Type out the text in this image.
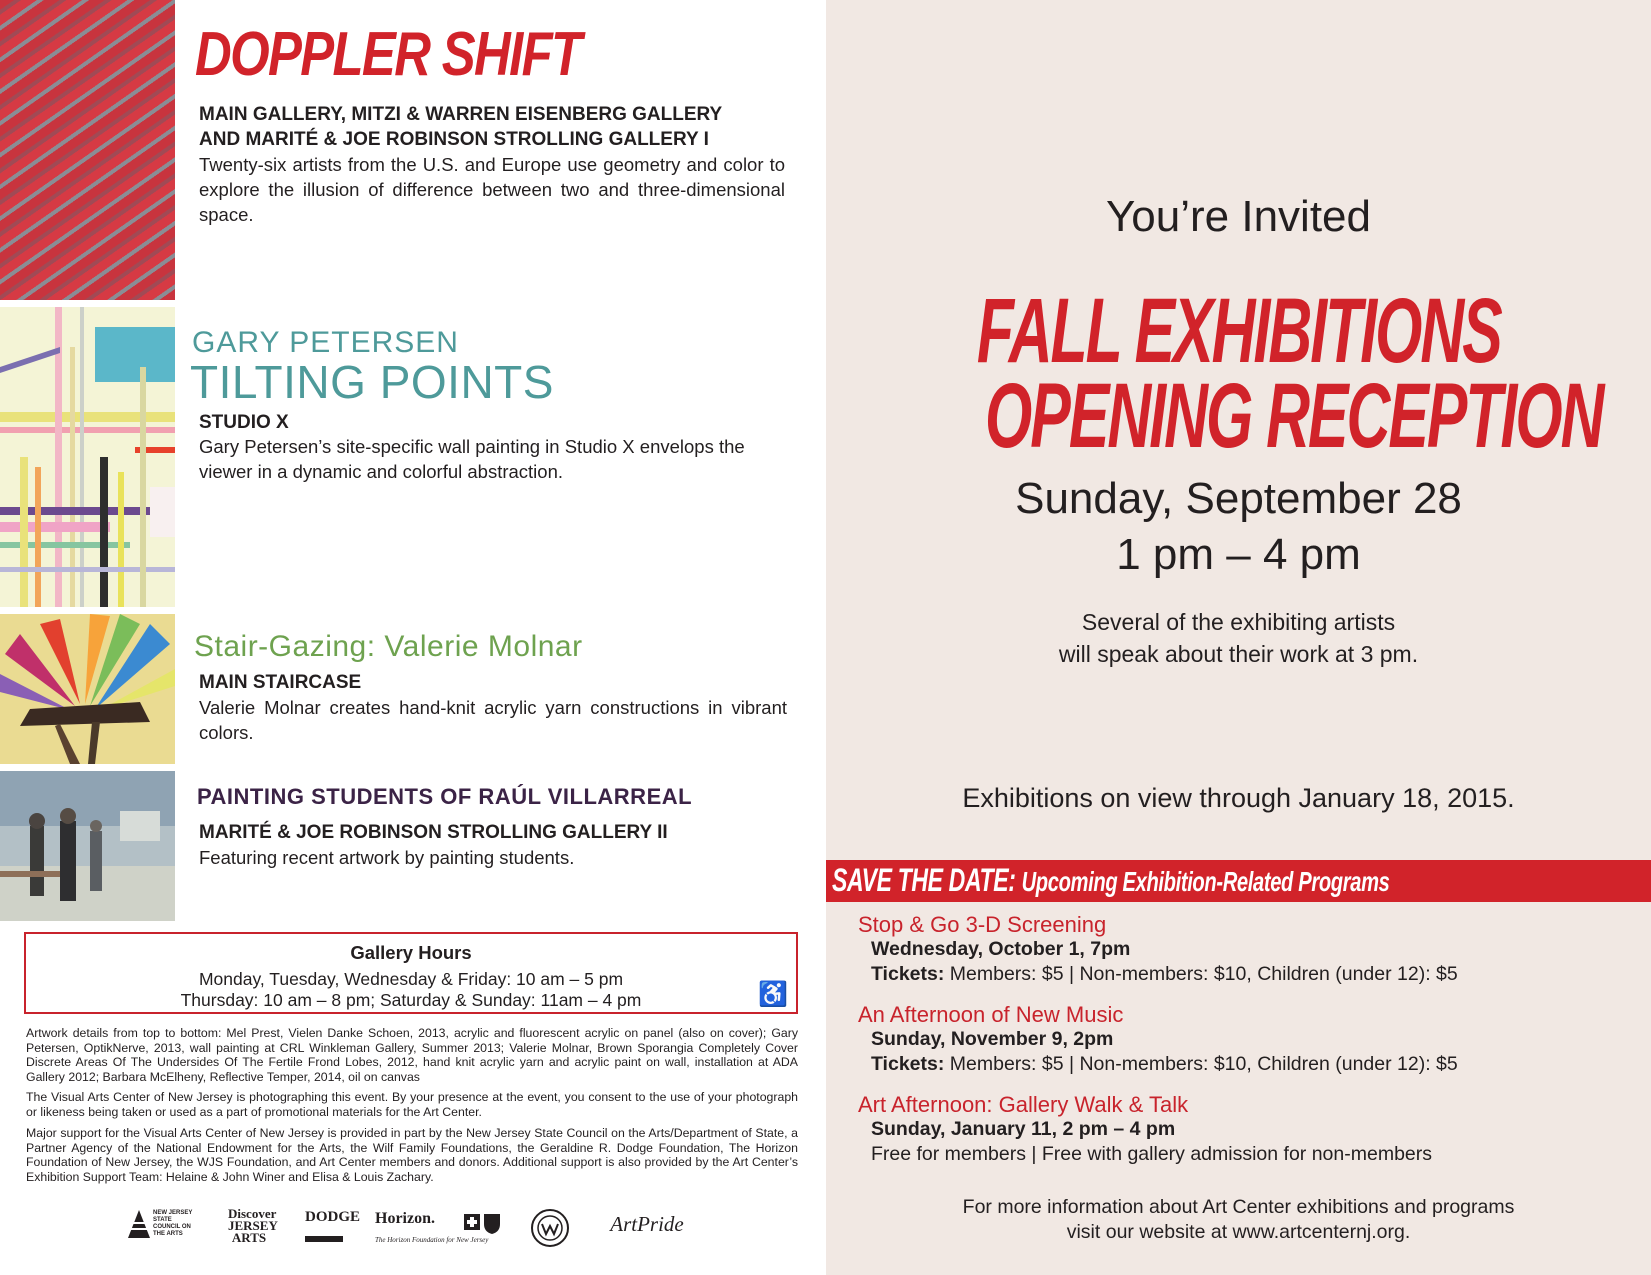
DOPPLER SHIFT
MAIN GALLERY, MITZI & WARREN EISENBERG GALLERY
AND MARITÉ & JOE ROBINSON STROLLING GALLERY I
Twenty-six artists from the U.S. and Europe use geometry and color to explore the illusion of difference between two and three-dimensional space.
GARY PETERSEN
TILTING POINTS
STUDIO X
Gary Petersen’s site-specific wall painting in Studio X envelops the viewer in a dynamic and colorful abstraction.
Stair-Gazing: Valerie Molnar
MAIN STAIRCASE
Valerie Molnar creates hand-knit acrylic yarn constructions in vibrant colors.
PAINTING STUDENTS OF RAÚL VILLARREAL
MARITÉ & JOE ROBINSON STROLLING GALLERY II
Featuring recent artwork by painting students.
Gallery Hours
Monday, Tuesday, Wednesday & Friday: 10 am – 5 pm
Thursday: 10 am – 8 pm; Saturday & Sunday: 11am – 4 pm	♿
Artwork details from top to bottom: Mel Prest, Vielen Danke Schoen, 2013, acrylic and fluorescent acrylic on panel (also on cover); Gary Petersen, OptikNerve, 2013, wall painting at CRL Winkleman Gallery, Summer 2013; Valerie Molnar, Brown Sporangia Completely Cover Discrete Areas Of The Undersides Of The Fertile Frond Lobes, 2012, hand knit acrylic yarn and acrylic paint on wall, installation at ADA Gallery 2012; Barbara McElheny, Reflective Temper, 2014, oil on canvas
The Visual Arts Center of New Jersey is photographing this event. By your presence at the event, you consent to the use of your photograph or likeness being taken or used as a part of promotional materials for the Art Center.
Major support for the Visual Arts Center of New Jersey is provided in part by the New Jersey State Council on the Arts/Department of State, a Partner Agency of the National Endowment for the Arts, the Wilf Family Foundations, the Geraldine R. Dodge Foundation, The Horizon Foundation of New Jersey, the WJS Foundation, and Art Center members and donors. Additional support is also provided by the Art Center’s Exhibition Support Team: Helaine & John Winer and Elisa & Louis Zachary.
NEW JERSEY STATE COUNCIL ON THE ARTS
Discover JERSEY ARTS
DODGE Horizon.
The Horizon Foundation for New Jersey
ArtPride
You’re Invited
FALL EXHIBITIONS
OPENING RECEPTION
Sunday, September 28
1 pm – 4 pm
Several of the exhibiting artists
will speak about their work at 3 pm.
Exhibitions on view through January 18, 2015.
SAVE THE DATE: Upcoming Exhibition-Related Programs
Stop & Go 3-D Screening
Wednesday, October 1, 7pm
Tickets: Members: $5 | Non-members: $10, Children (under 12): $5
An Afternoon of New Music
Sunday, November 9, 2pm
Tickets: Members: $5 | Non-members: $10, Children (under 12): $5
Art Afternoon: Gallery Walk & Talk
Sunday, January 11, 2 pm – 4 pm
Free for members | Free with gallery admission for non-members
For more information about Art Center exhibitions and programs
visit our website at www.artcenternj.org.
